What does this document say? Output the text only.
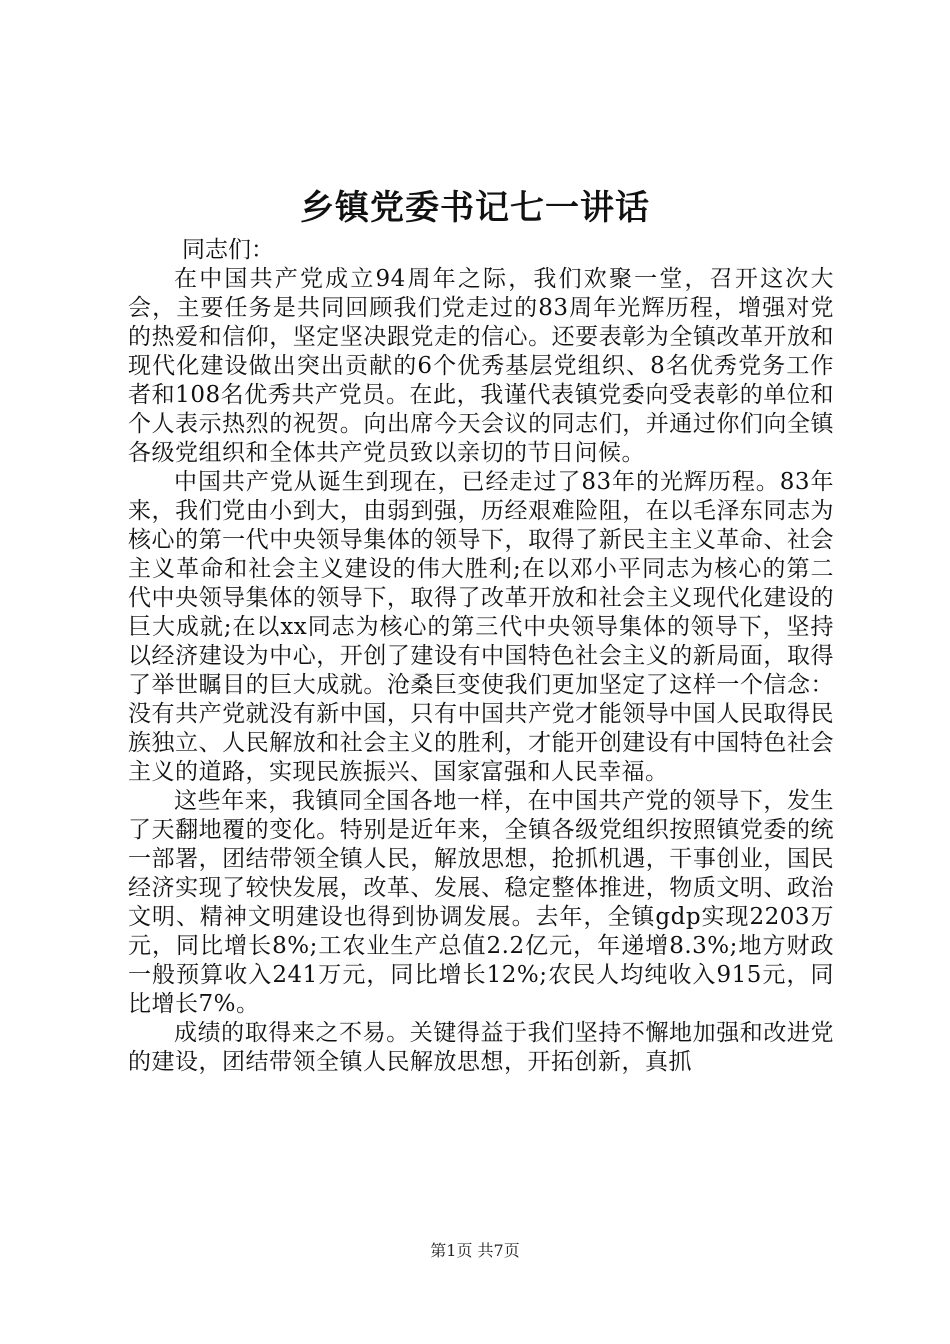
乡镇党委书记七一讲话

同志们：

在中国共产党成立94周年之际，我们欢聚一堂，召开这次大会，主要任务是共同回顾我们党走过的83周年光辉历程，增强对党的热爱和信仰，坚定坚决跟党走的信心。还要表彰为全镇改革开放和现代化建设做出突出贡献的6个优秀基层党组织、8名优秀党务工作者和108名优秀共产党员。在此，我谨代表镇党委向受表彰的单位和个人表示热烈的祝贺。向出席今天会议的同志们，并通过你们向全镇各级党组织和全体共产党员致以亲切的节日问候。

中国共产党从诞生到现在，已经走过了83年的光辉历程。83年来，我们党由小到大，由弱到强，历经艰难险阻，在以毛泽东同志为核心的第一代中央领导集体的领导下，取得了新民主主义革命、社会主义革命和社会主义建设的伟大胜利;在以邓小平同志为核心的第二代中央领导集体的领导下，取得了改革开放和社会主义现代化建设的巨大成就;在以xx同志为核心的第三代中央领导集体的领导下，坚持以经济建设为中心，开创了建设有中国特色社会主义的新局面，取得了举世瞩目的巨大成就。沧桑巨变使我们更加坚定了这样一个信念：没有共产党就没有新中国，只有中国共产党才能领导中国人民取得民族独立、人民解放和社会主义的胜利，才能开创建设有中国特色社会主义的道路，实现民族振兴、国家富强和人民幸福。

这些年来，我镇同全国各地一样，在中国共产党的领导下，发生了天翻地覆的变化。特别是近年来，全镇各级党组织按照镇党委的统一部署，团结带领全镇人民，解放思想，抢抓机遇，干事创业，国民经济实现了较快发展，改革、发展、稳定整体推进，物质文明、政治文明、精神文明建设也得到协调发展。去年，全镇gdp实现2203万元，同比增长8%;工农业生产总值2.2亿元，年递增8.3%;地方财政一般预算收入241万元，同比增长12%;农民人均纯收入915元，同比增长7%。

成绩的取得来之不易。关键得益于我们坚持不懈地加强和改进党的建设，团结带领全镇人民解放思想，开拓创新，真抓

第1页 共7页
